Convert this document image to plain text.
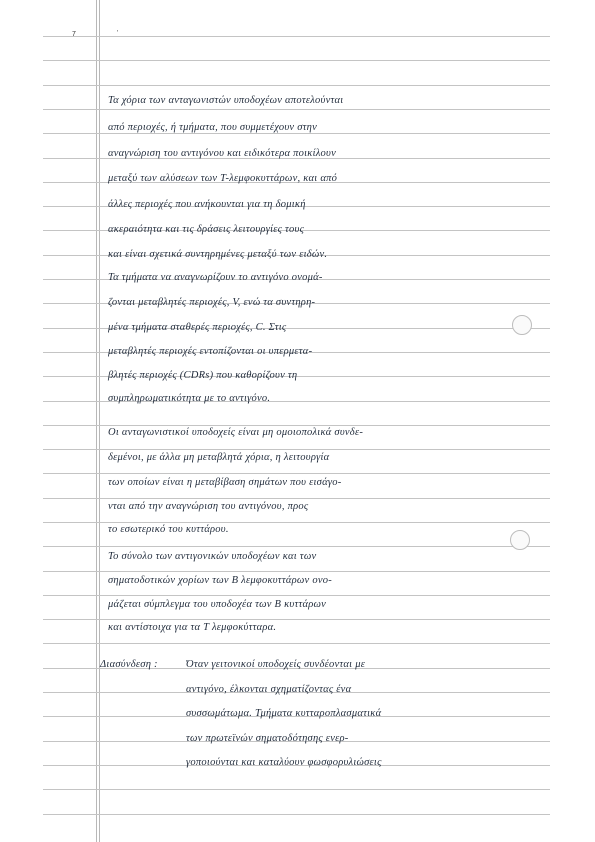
7	'
Τα χόρια των ανταγωνιστών υποδοχέων αποτελούνται
από περιοχές, ή τμήματα, που συμμετέχουν στην
αναγνώριση του αντιγόνου και ειδικότερα ποικίλουν
μεταξύ των αλύσεων των Τ-λεμφοκυττάρων, και από
άλλες περιοχές που ανήκουνται για τη δομική
ακεραιότητα και τις δράσεις λειτουργίες τους
και είναι σχετικά συντηρημένες μεταξύ των ειδών.
Τα τμήματα να αναγνωρίζουν το αντιγόνο ονομά-
ζονται μεταβλητές περιοχές, V, ενώ τα συντηρη-
μένα τμήματα σταθερές περιοχές, C. Στις
μεταβλητές περιοχές εντοπίζονται οι υπερμετα-
βλητές περιοχές (CDRs) που καθορίζουν τη
συμπληρωματικότητα με το αντιγόνο.
Οι ανταγωνιστικοί υποδοχείς είναι μη ομοιοπολικά συνδε-
δεμένοι, με άλλα μη μεταβλητά χόρια, η λειτουργία
των οποίων είναι η μεταβίβαση σημάτων που εισάγο-
νται από την αναγνώριση του αντιγόνου, προς
το εσωτερικό του κυττάρου.
Το σύνολο των αντιγονικών υποδοχέων και των
σηματοδοτικών χορίων των Β λεμφοκυττάρων ονο-
μάζεται σύμπλεγμα του υποδοχέα των Β κυττάρων
και αντίστοιχα για τα Τ λεμφοκύτταρα.
Διασύνδεση :	Όταν γειτονικοί υποδοχείς συνδέονται με
αντιγόνο, έλκονται σχηματίζοντας ένα
συσσωμάτωμα. Τμήματα κυτταροπλασματικά
των πρωτεϊνών σηματοδότησης ενερ-
γοποιούνται και καταλύουν φωσφορυλιώσεις
